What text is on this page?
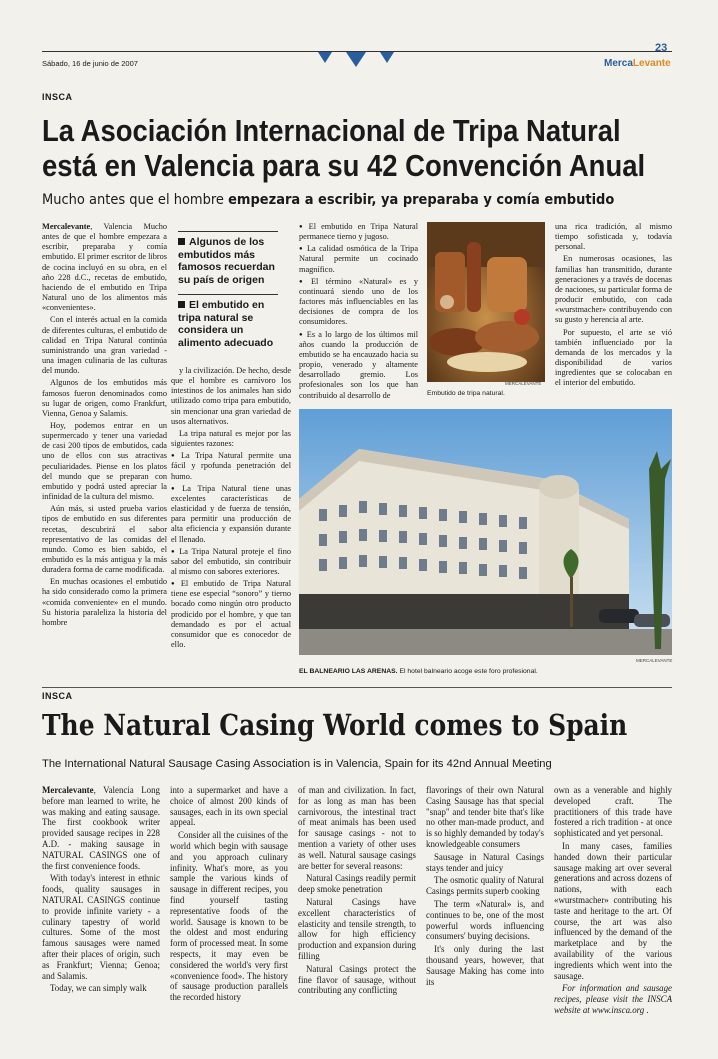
Sábado, 16 de junio de 2007
23
MercaLevante
INSCA
La Asociación Internacional de Tripa Natural
está en Valencia para su 42 Convención Anual
Mucho antes que el hombre empezara a escribir, ya preparaba y comía embutido

Mercalevante, Valencia Mucho antes de que el hombre empezara a escribir, preparaba y comía embutido. El primer escritor de libros de cocina incluyó en su obra, en el año 228 d.C., recetas de embutido, haciendo de el embutido en Tripa Natural uno de los alimentos más «convenientes».

Con el interés actual en la comida de diferentes culturas, el embutido de calidad en Tripa Natural continúa suministrando una gran variedad -una imagen culinaria de las culturas del mundo.

Algunos de los embutidos más famosos fueron denominados como su lugar de origen, como Frankfurt, Vienna, Genoa y Salamis.

Hoy, podemos entrar en un supermercado y tener una variedad de casi 200 tipos de embutidos, cada uno de ellos con sus atractivas peculiaridades. Piense en los platos del mundo que se preparan con embutido y podrá usted apreciar la infinidad de la cultura del mismo.

Aún más, si usted prueba varios tipos de embutido en sus diferentes recetas, descubrirá el sabor representativo de las comidas del mundo. Como es bien sabido, el embutido es la más antigua y la más duradera forma de carne modificada.

En muchas ocasiones el embutido ha sido considerado como la primera «comida conveniente» en el mundo. Su historia paraleliza la historia del hombre

Algunos de los embutidos más famosos recuerdan su país de origen
El embutido en tripa natural se considera un alimento adecuado

y la civilización. De hecho, desde que el hombre es carnívoro los intestinos de los animales han sido utilizado como tripa para embutido, sin mencionar una gran variedad de usos alternativos.

La tripa natural es mejor por las siguientes razones:

● La Tripa Natural permite una fácil y rpofunda penetración del humo.

● La Tripa Natural tiene unas excelentes características de elasticidad y de fuerza de tensión, para permitir una producción de alta eficiencia y expansión durante el llenado.

● La Tripa Natural proteje el fino sabor del embutido, sin contribuir al mismo con sabores exteriores.

● El embutido de Tripa Natural tiene ese especial “sonoro” y tierno bocado como ningún otro producto prodicido por el hombre, y que tan demandado es por el actual consumidor que es conocedor de ello.

● El embutido en Tripa Natural permanece tierno y jugoso.

● La calidad osmótica de la Tripa Natural permite un cocinado magnífico.

● El término «Natural» es y continuará siendo uno de los factores más influenciables en las decisiones de compra de los consumidores.

● Es a lo largo de los últimos mil años cuando la producción de embutido se ha encauzado hacia su propio, venerado y altamente desarrollado gremio. Los profesionales son los que han contribuido al desarrollo de

una rica tradición, al mismo tiempo sofisticada y, todavía personal.

En numerosas ocasiones, las familias han transmitido, durante generaciones y a través de docenas de naciones, su particular forma de producir embutido, con cada «wurstmacher» contribuyendo con su gusto y herencia al arte.

Por supuesto, el arte se vió también influenciado por la demanda de los mercados y la disponibilidad de varios ingredientes que se colocaban en el interior del embutido.

MERCALEVANTE
Embutido de tripa natural.
MERCALEVANTE
EL BALNEARIO LAS ARENAS. El hotel balneario acoge este foro profesional.
INSCA
The Natural Casing World comes to Spain
The International Natural Sausage Casing Association is in Valencia, Spain for its 42nd Annual Meeting

Mercalevante, Valencia Long before man learned to write, he was making and eating sausage. The first cookbook writer provided sausage recipes in 228 A.D. - making sausage in NATURAL CASINGS one of the first convenience foods.

With today's interest in ethnic foods, quality sausages in NATURAL CASINGS continue to provide infinite variety - a culinary tapestry of world cultures. Some of the most famous sausages were named after their places of origin, such as Frankfurt; Vienna; Genoa; and Salamis.

Today, we can simply walk

into a supermarket and have a choice of almost 200 kinds of sausages, each in its own special appeal.

Consider all the cuisines of the world which begin with sausage and you approach culinary infinity. What's more, as you sample the various kinds of sausage in different recipes, you find yourself tasting representative foods of the world. Sausage is known to be the oldest and most enduring form of processed meat. In some respects, it may even be considered the world's very first «convenience food». The history of sausage production parallels the recorded history

of man and civilization. In fact, for as long as man has been carnivorous, the intestinal tract of meat animals has been used for sausage casings - not to mention a variety of other uses as well. Natural sausage casings are better for several reasons:

Natural Casings readily permit deep smoke penetration

Natural Casings have excellent characteristics of elasticity and tensile strength, to allow for high efficiency production and expansion during filling

Natural Casings protect the fine flavor of sausage, without contributing any conflicting

flavorings of their own Natural Casing Sausage has that special "snap" and tender bite that's like no other man-made product, and is so highly demanded by today's knowledgeable consumers

Sausage in Natural Casings stays tender and juicy

The osmotic quality of Natural Casings permits superb cooking

The term «Natural» is, and continues to be, one of the most powerful words influencing consumers' buying decisions.

It's only during the last thousand years, however, that Sausage Making has come into its

own as a venerable and highly developed craft. The practitioners of this trade have fostered a rich tradition - at once sophisticated and yet personal.

In many cases, families handed down their particular sausage making art over several generations and across dozens of nations, with each «wurstmacher» contributing his taste and heritage to the art. Of course, the art was also influenced by the demand of the marketplace and by the availability of the various ingredients which went into the sausage.

For information and sausage recipes, please visit the INSCA website at www.insca.org .
